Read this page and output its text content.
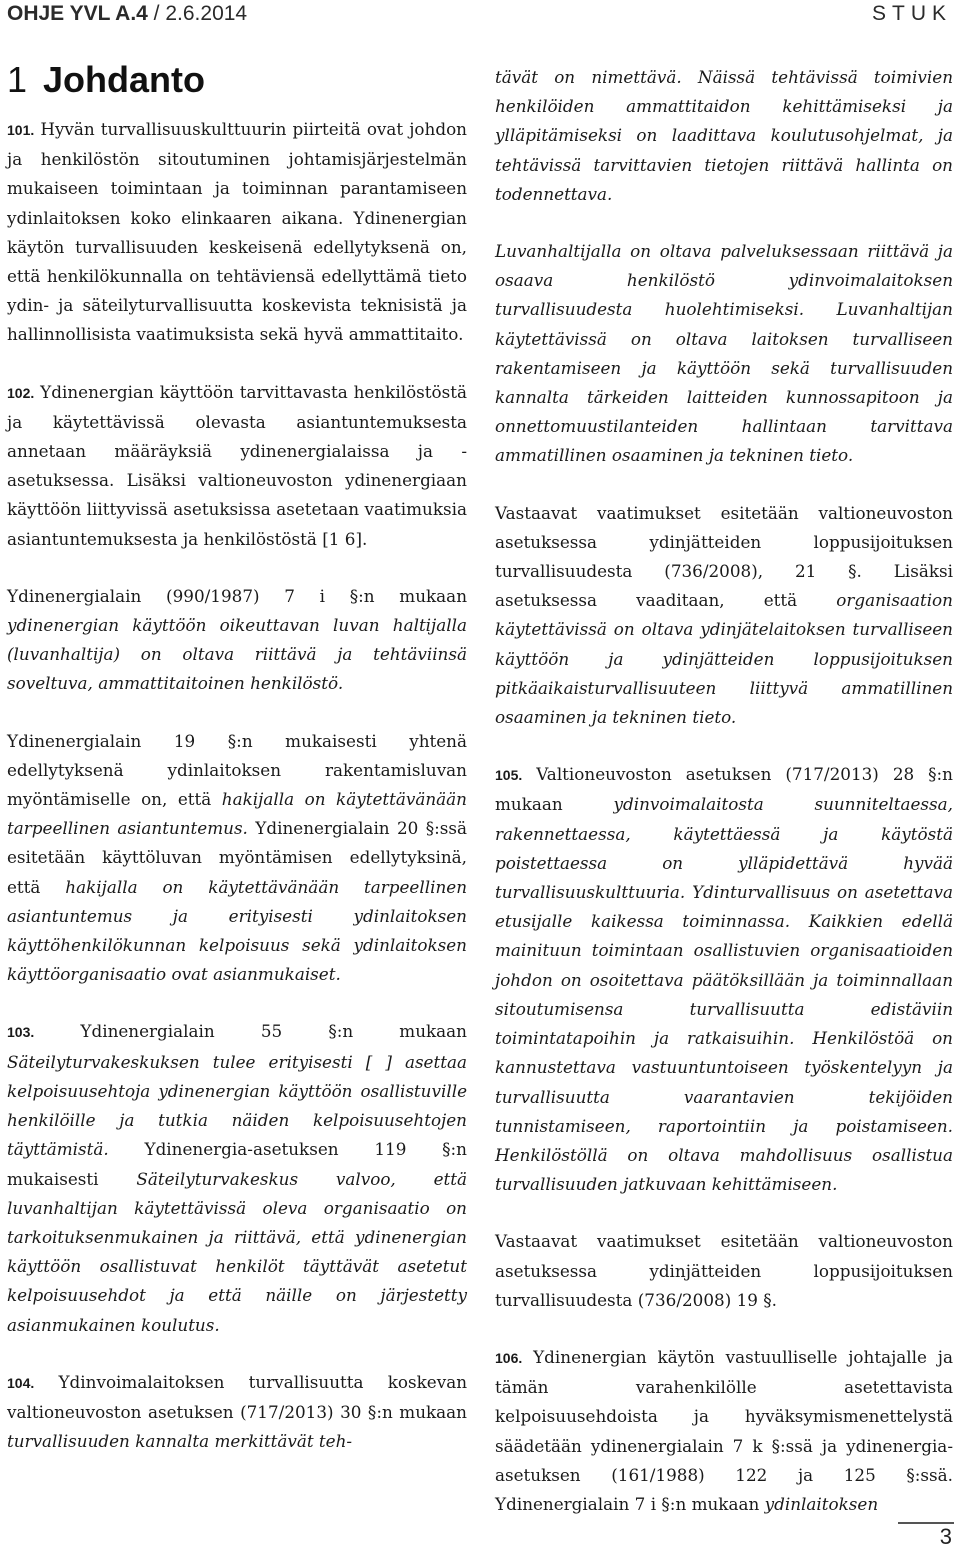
OHJE YVL A.4 / 2.6.2014	STUK
1 Johdanto

101. Hyvän turvallisuuskulttuurin piirteitä ovat johdon ja henkilöstön sitoutuminen johtamisjärjestelmän mukaiseen toimintaan ja toiminnan parantamiseen ydinlaitoksen koko elinkaaren aikana. Ydinenergian käytön turvallisuuden keskeisenä edellytyksenä on, että henkilökunnalla on tehtäviensä edellyttämä tieto ydin- ja säteilyturvallisuutta koskevista teknisistä ja hallinnollisista vaatimuksista sekä hyvä ammattitaito.

102. Ydinenergian käyttöön tarvittavasta henkilöstöstä ja käytettävissä olevasta asiantuntemuksesta annetaan määräyksiä ydinenergialaissa ja -asetuksessa. Lisäksi valtioneuvoston ydinenergiaan käyttöön liittyvissä asetuksissa asetetaan vaatimuksia asiantuntemuksesta ja henkilöstöstä [1 6].

Ydinenergialain (990/1987) 7 i §:n mukaan ydinenergian käyttöön oikeuttavan luvan haltijalla (luvanhaltija) on oltava riittävä ja tehtäviinsä soveltuva, ammattitaitoinen henkilöstö.

Ydinenergialain 19 §:n mukaisesti yhtenä edellytyksenä ydinlaitoksen rakentamisluvan myöntämiselle on, että hakijalla on käytettävänään tarpeellinen asiantuntemus. Ydinenergialain 20 §:ssä esitetään käyttöluvan myöntämisen edellytyksinä, että hakijalla on käytettävänään tarpeellinen asiantuntemus ja erityisesti ydinlaitoksen käyttöhenkilökunnan kelpoisuus sekä ydinlaitoksen käyttöorganisaatio ovat asianmukaiset.

103.	Ydinenergialain 55 §:n mukaan Säteilyturvakeskuksen tulee erityisesti [ ] asettaa kelpoisuusehtoja ydinenergian käyttöön osallistuville henkilöille ja tutkia näiden kelpoisuusehtojen täyttämistä. Ydinenergia-asetuksen 119 §:n mukaisesti Säteilyturvakeskus valvoo, että luvanhaltijan käytettävissä oleva organisaatio on tarkoituksenmukainen ja riittävä, että ydinenergian käyttöön osallistuvat henkilöt täyttävät asetetut kelpoisuusehdot ja että näille on järjestetty asianmukainen koulutus.

104. Ydinvoimalaitoksen turvallisuutta koskevan valtioneuvoston asetuksen (717/2013) 30 §:n mukaan turvallisuuden kannalta merkittävät teh-

tävät on nimettävä. Näissä tehtävissä toimivien henkilöiden ammattitaidon kehittämiseksi ja ylläpitämiseksi on laadittava koulutusohjelmat, ja tehtävissä tarvittavien tietojen riittävä hallinta on todennettava.

Luvanhaltijalla on oltava palveluksessaan riittävä ja osaava henkilöstö ydinvoimalaitoksen turvallisuudesta huolehtimiseksi. Luvanhaltijan käytettävissä on oltava laitoksen turvalliseen rakentamiseen ja käyttöön sekä turvallisuuden kannalta tärkeiden laitteiden kunnossapitoon ja onnettomuustilanteiden hallintaan tarvittava ammatillinen osaaminen ja tekninen tieto.

Vastaavat vaatimukset esitetään valtioneuvoston asetuksessa ydinjätteiden loppusijoituksen turvallisuudesta (736/2008), 21 §. Lisäksi asetuksessa vaaditaan, että organisaation käytettävissä on oltava ydinjätelaitoksen turvalliseen käyttöön ja ydinjätteiden loppusijoituksen pitkäaikaisturvallisuuteen liittyvä ammatillinen osaaminen ja tekninen tieto.

105. Valtioneuvoston asetuksen (717/2013) 28 §:n mukaan	ydinvoimalaitosta suunniteltaessa, rakennettaessa, käytettäessä ja käytöstä poistettaessa on ylläpidettävä hyvää turvallisuuskulttuuria. Ydinturvallisuus on asetettava etusijalle kaikessa toiminnassa. Kaikkien edellä mainituun toimintaan osallistuvien organisaatioiden johdon on osoitettava päätöksillään ja toiminnallaan sitoutumisensa turvallisuutta edistäviin toimintatapoihin ja ratkaisuihin. Henkilöstöä on kannustettava vastuuntuntoiseen työskentelyyn ja turvallisuutta vaarantavien tekijöiden tunnistamiseen, raportointiin ja poistamiseen. Henkilöstöllä on oltava mahdollisuus osallistua turvallisuuden jatkuvaan kehittämiseen.

Vastaavat vaatimukset esitetään valtioneuvoston asetuksessa ydinjätteiden loppusijoituksen turvallisuudesta (736/2008) 19 §.

106. Ydinenergian käytön vastuulliselle johtajalle ja tämän varahenkilölle asetettavista kelpoisuusehdoista ja hyväksymismenettelystä säädetään ydinenergialain 7 k §:ssä ja ydinenergia-asetuksen (161/1988) 122 ja 125 §:ssä. Ydinenergialain 7 i §:n mukaan ydinlaitoksen

3
